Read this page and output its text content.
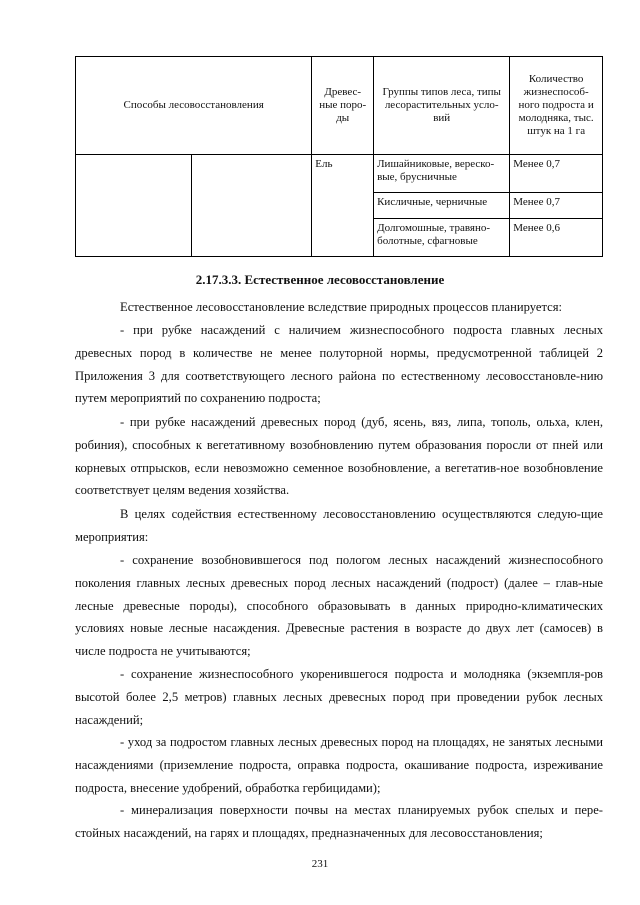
Способы лесовосстановления		Древес-ные поро-ды	Группы типов леса, типы лесорастительных усло-вий	Количество жизнеспособ-ного подроста и молодняка, тыс. штук на 1 га
		Ель	Лишайниковые, вереско-вые, брусничные	Менее 0,7
			Кисличные, черничные	Менее 0,7
			Долгомошные, травяно-болотные, сфагновые	Менее 0,6
2.17.3.3. Естественное лесовосстановление
Естественное лесовосстановление вследствие природных процессов планируется:
- при рубке насаждений с наличием жизнеспособного подроста главных лесных древесных пород в количестве не менее полуторной нормы, предусмотренной таблицей 2 Приложения 3 для соответствующего лесного района по естественному лесовосстановле-нию путем мероприятий по сохранению подроста;
- при рубке насаждений древесных пород (дуб, ясень, вяз, липа, тополь, ольха, клен, робиния), способных к вегетативному возобновлению путем образования поросли от пней или корневых отпрысков, если невозможно семенное возобновление, а вегетатив-ное возобновление соответствует целям ведения хозяйства.
В целях содействия естественному лесовосстановлению осуществляются следую-щие мероприятия:
- сохранение возобновившегося под пологом лесных насаждений жизнеспособного поколения главных лесных древесных пород лесных насаждений (подрост) (далее – глав-ные лесные древесные породы), способного образовывать в данных природно-климатических условиях новые лесные насаждения. Древесные растения в возрасте до двух лет (самосев) в числе подроста не учитываются;
- сохранение жизнеспособного укоренившегося подроста и молодняка (экземпля-ров высотой более 2,5 метров) главных лесных древесных пород при проведении рубок лесных насаждений;
- уход за подростом главных лесных древесных пород на площадях, не занятых лесными насаждениями (приземление подроста, оправка подроста, окашивание подроста, изреживание подроста, внесение удобрений, обработка гербицидами);
- минерализация поверхности почвы на местах планируемых рубок спелых и пере-стойных насаждений, на гарях и площадях, предназначенных для лесовосстановления;
231
